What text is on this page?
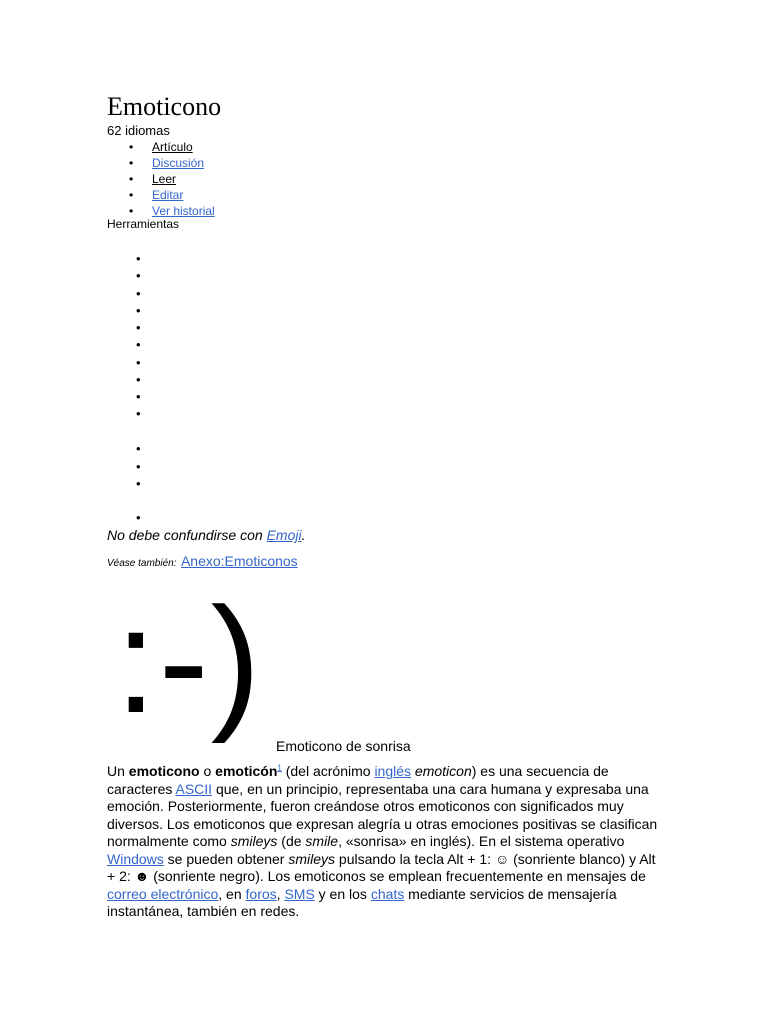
Emoticono
62 idiomas
• Artículo
• Discusión
• Leer
• Editar
• Ver historial
Herramientas
•
•
•
•
•
•
•
•
•
•
•
•
•
•
No debe confundirse con Emoji.
Véase también: Anexo:Emoticonos
:-)
Emoticono de sonrisa
Un emoticono o emoticón$^1$ (del acrónimo inglés emoticon) es una secuencia de caracteres ASCII que, en un principio, representaba una cara humana y expresaba una emoción. Posteriormente, fueron creándose otros emoticonos con significados muy diversos. Los emoticonos que expresan alegría u otras emociones positivas se clasifican normalmente como smileys (de smile, «sonrisa» en inglés). En el sistema operativo Windows se pueden obtener smileys pulsando la tecla Alt + 1: ☺ (sonriente blanco) y Alt + 2: ☻ (sonriente negro). Los emoticonos se emplean frecuentemente en mensajes de correo electrónico, en foros, SMS y en los chats mediante servicios de mensajería instantánea, también en redes.
